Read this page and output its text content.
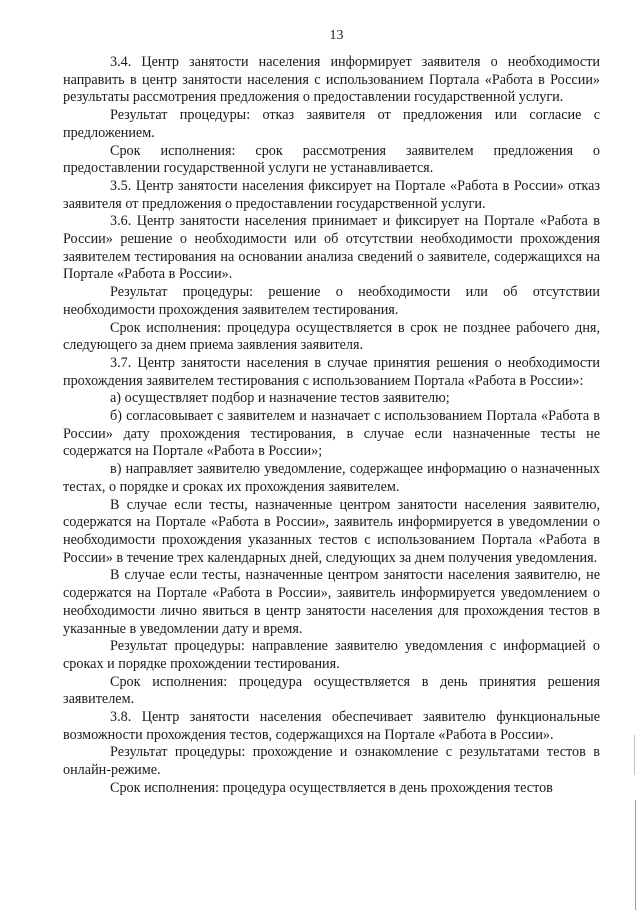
13

3.4. Центр занятости населения информирует заявителя о необходимости направить в центр занятости населения с использованием Портала «Работа в России» результаты рассмотрения предложения о предоставлении государственной услуги.

Результат процедуры: отказ заявителя от предложения или согласие с предложением.

Срок исполнения: срок рассмотрения заявителем предложения о предоставлении государственной услуги не устанавливается.

3.5. Центр занятости населения фиксирует на Портале «Работа в России» отказ заявителя от предложения о предоставлении государственной услуги.

3.6. Центр занятости населения принимает и фиксирует на Портале «Работа в России» решение о необходимости или об отсутствии необходимости прохождения заявителем тестирования на основании анализа сведений о заявителе, содержащихся на Портале «Работа в России».

Результат процедуры: решение о необходимости или об отсутствии необходимости прохождения заявителем тестирования.

Срок исполнения: процедура осуществляется в срок не позднее рабочего дня, следующего за днем приема заявления заявителя.

3.7. Центр занятости населения в случае принятия решения о необходимости прохождения заявителем тестирования с использованием Портала «Работа в России»:

а) осуществляет подбор и назначение тестов заявителю;

б) согласовывает с заявителем и назначает с использованием Портала «Работа в России» дату прохождения тестирования, в случае если назначенные тесты не содержатся на Портале «Работа в России»;

в) направляет заявителю уведомление, содержащее информацию о назначенных тестах, о порядке и сроках их прохождения заявителем.

В случае если тесты, назначенные центром занятости населения заявителю, содержатся на Портале «Работа в России», заявитель информируется в уведомлении о необходимости прохождения указанных тестов с использованием Портала «Работа в России» в течение трех календарных дней, следующих за днем получения уведомления.

В случае если тесты, назначенные центром занятости населения заявителю, не содержатся на Портале «Работа в России», заявитель информируется уведомлением о необходимости лично явиться в центр занятости населения для прохождения тестов в указанные в уведомлении дату и время.

Результат процедуры: направление заявителю уведомления с информацией о сроках и порядке прохождении тестирования.

Срок исполнения: процедура осуществляется в день принятия решения заявителем.

3.8. Центр занятости населения обеспечивает заявителю функциональные возможности прохождения тестов, содержащихся на Портале «Работа в России».

Результат процедуры: прохождение и ознакомление с результатами тестов в онлайн-режиме.

Срок исполнения: процедура осуществляется в день прохождения тестов
